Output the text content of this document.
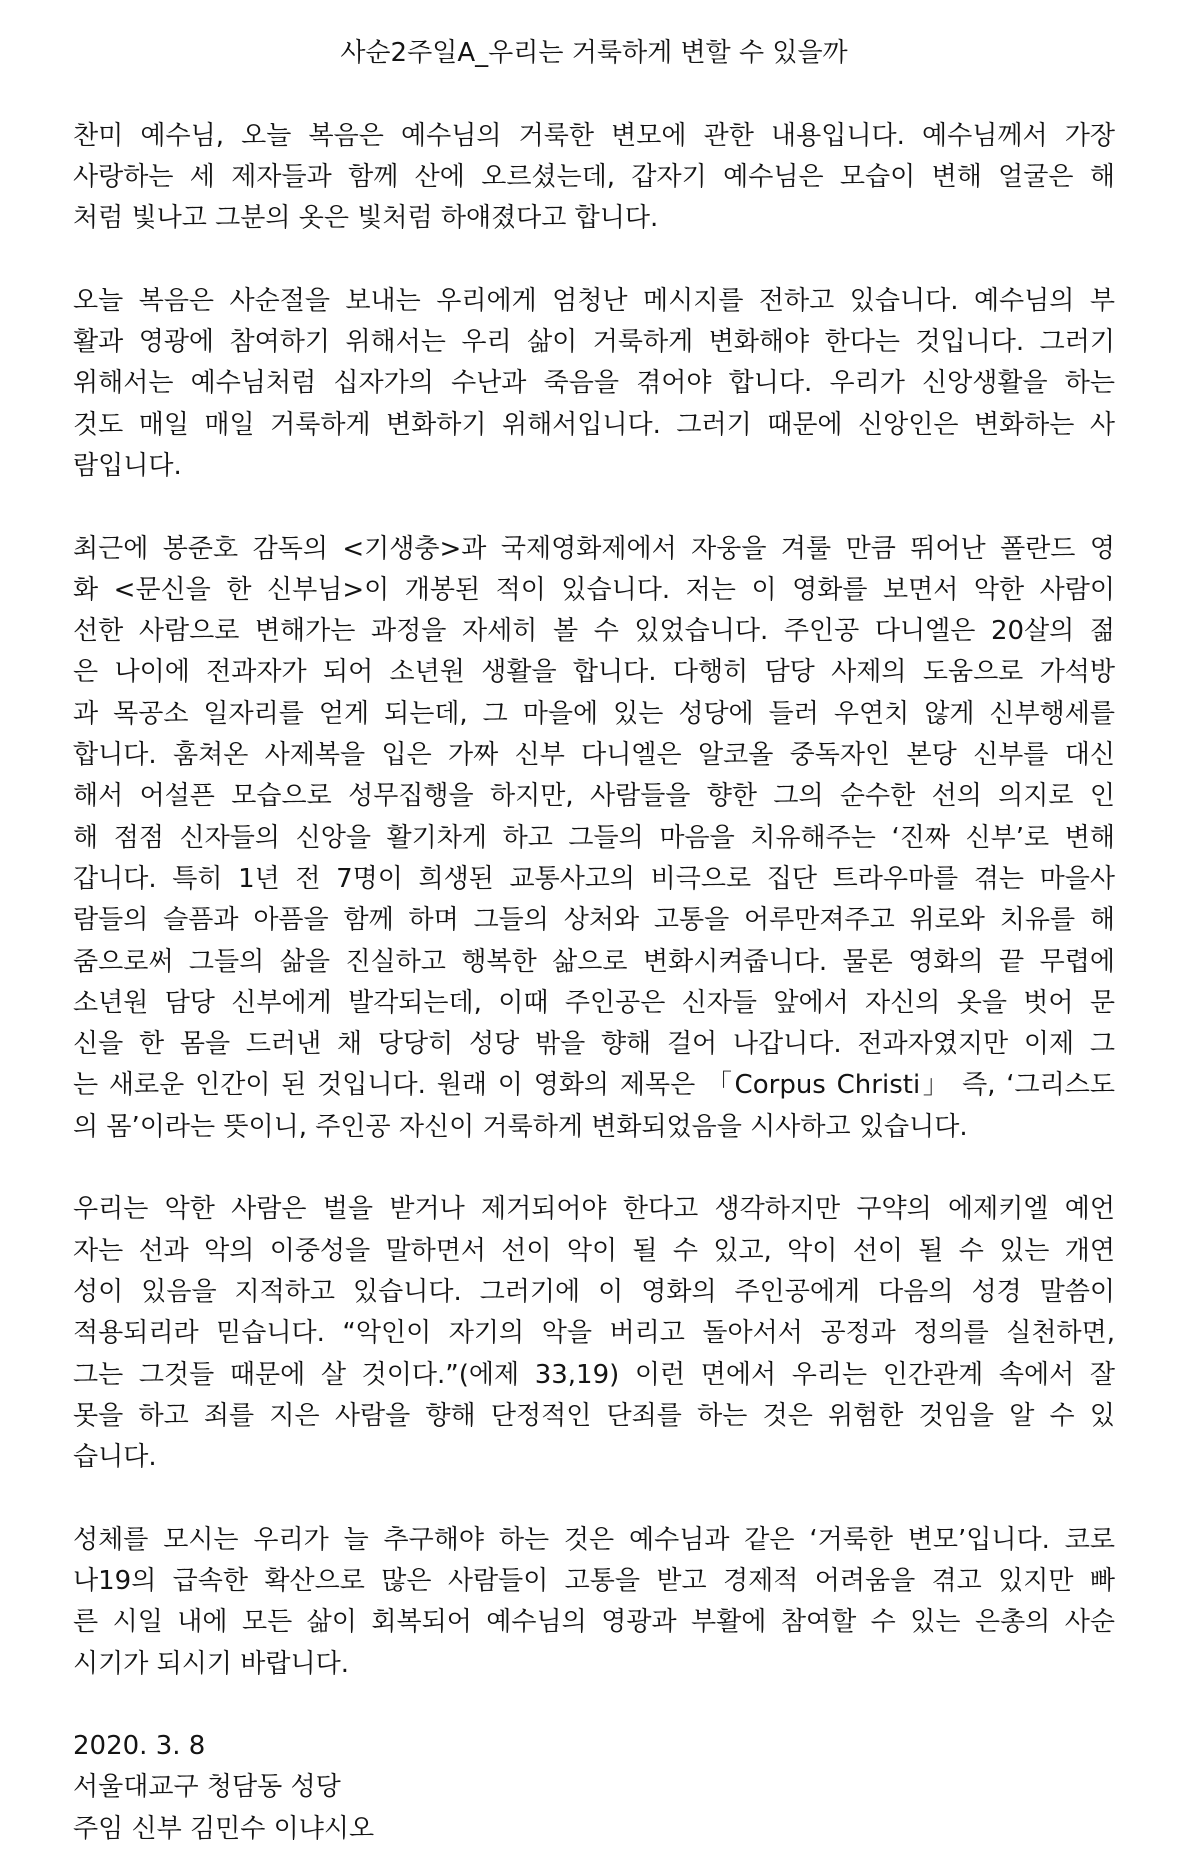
사순2주일A_우리는 거룩하게 변할 수 있을까
찬미 예수님, 오늘 복음은 예수님의 거룩한 변모에 관한 내용입니다. 예수님께서 가장
사랑하는 세 제자들과 함께 산에 오르셨는데, 갑자기 예수님은 모습이 변해 얼굴은 해
처럼 빛나고 그분의 옷은 빛처럼 하얘졌다고 합니다.
오늘 복음은 사순절을 보내는 우리에게 엄청난 메시지를 전하고 있습니다. 예수님의 부
활과 영광에 참여하기 위해서는 우리 삶이 거룩하게 변화해야 한다는 것입니다. 그러기
위해서는 예수님처럼 십자가의 수난과 죽음을 겪어야 합니다. 우리가 신앙생활을 하는
것도 매일 매일 거룩하게 변화하기 위해서입니다. 그러기 때문에 신앙인은 변화하는 사
람입니다.
최근에 봉준호 감독의 <기생충>과 국제영화제에서 자웅을 겨룰 만큼 뛰어난 폴란드 영
화 <문신을 한 신부님>이 개봉된 적이 있습니다. 저는 이 영화를 보면서 악한 사람이
선한 사람으로 변해가는 과정을 자세히 볼 수 있었습니다. 주인공 다니엘은 20살의 젊
은 나이에 전과자가 되어 소년원 생활을 합니다. 다행히 담당 사제의 도움으로 가석방
과 목공소 일자리를 얻게 되는데, 그 마을에 있는 성당에 들러 우연치 않게 신부행세를
합니다. 훔쳐온 사제복을 입은 가짜 신부 다니엘은 알코올 중독자인 본당 신부를 대신
해서 어설픈 모습으로 성무집행을 하지만, 사람들을 향한 그의 순수한 선의 의지로 인
해 점점 신자들의 신앙을 활기차게 하고 그들의 마음을 치유해주는 ‘진짜 신부’로 변해
갑니다. 특히 1년 전 7명이 희생된 교통사고의 비극으로 집단 트라우마를 겪는 마을사
람들의 슬픔과 아픔을 함께 하며 그들의 상처와 고통을 어루만져주고 위로와 치유를 해
줌으로써 그들의 삶을 진실하고 행복한 삶으로 변화시켜줍니다. 물론 영화의 끝 무렵에
소년원 담당 신부에게 발각되는데, 이때 주인공은 신자들 앞에서 자신의 옷을 벗어 문
신을 한 몸을 드러낸 채 당당히 성당 밖을 향해 걸어 나갑니다. 전과자였지만 이제 그
는 새로운 인간이 된 것입니다. 원래 이 영화의 제목은 「Corpus Christi」 즉, ‘그리스도
의 몸’이라는 뜻이니, 주인공 자신이 거룩하게 변화되었음을 시사하고 있습니다.
우리는 악한 사람은 벌을 받거나 제거되어야 한다고 생각하지만 구약의 에제키엘 예언
자는 선과 악의 이중성을 말하면서 선이 악이 될 수 있고, 악이 선이 될 수 있는 개연
성이 있음을 지적하고 있습니다. 그러기에 이 영화의 주인공에게 다음의 성경 말씀이
적용되리라 믿습니다. “악인이 자기의 악을 버리고 돌아서서 공정과 정의를 실천하면,
그는 그것들 때문에 살 것이다.”(에제 33,19) 이런 면에서 우리는 인간관계 속에서 잘
못을 하고 죄를 지은 사람을 향해 단정적인 단죄를 하는 것은 위험한 것임을 알 수 있
습니다.
성체를 모시는 우리가 늘 추구해야 하는 것은 예수님과 같은 ‘거룩한 변모’입니다. 코로
나19의 급속한 확산으로 많은 사람들이 고통을 받고 경제적 어려움을 겪고 있지만 빠
른 시일 내에 모든 삶이 회복되어 예수님의 영광과 부활에 참여할 수 있는 은총의 사순
시기가 되시기 바랍니다.
2020. 3. 8
서울대교구 청담동 성당
주임 신부 김민수 이냐시오
